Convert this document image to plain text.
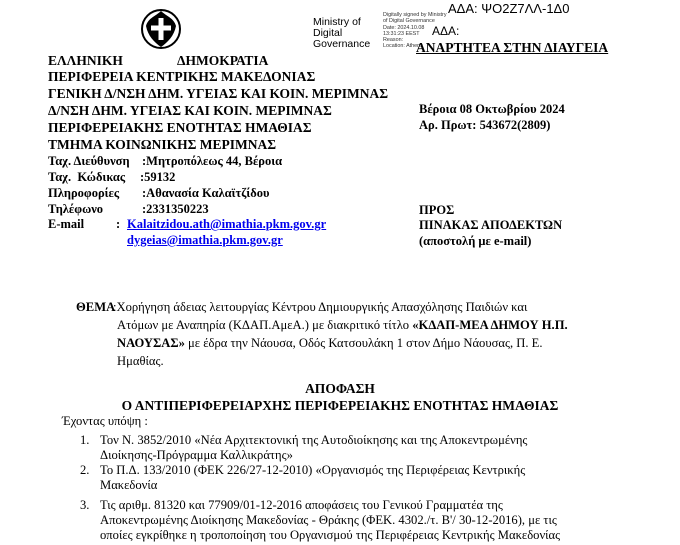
ΑΔΑ: ΨΟ2Ζ7ΛΛ-1Δ0
Ministry of
Digital
Governance
Digitally signed by Ministry
of Digital Governance
Date: 2024.10.08
13:31:23 EEST
Reason:
Location: Athens
ΑΔΑ:
ΑΝΑΡΤΗΤΕΑ ΣΤΗΝ ΔΙΑΥΓΕΙΑ
ΕΛΛΗΝΙΚΗ	ΔΗΜΟΚΡΑΤΙΑ
ΠΕΡΙΦΕΡΕΙΑ ΚΕΝΤΡΙΚΗΣ ΜΑΚΕΔΟΝΙΑΣ
ΓΕΝΙΚΗ Δ/ΝΣΗ ΔΗΜ. ΥΓΕΙΑΣ ΚΑΙ ΚΟΙΝ. ΜΕΡΙΜΝΑΣ
Δ/ΝΣΗ ΔΗΜ. ΥΓΕΙΑΣ ΚΑΙ ΚΟΙΝ. ΜΕΡΙΜΝΑΣ
ΠΕΡΙΦΕΡΕΙΑΚΗΣ ΕΝΟΤΗΤΑΣ ΗΜΑΘΙΑΣ
ΤΜΗΜΑ ΚΟΙΝΩΝΙΚΗΣ ΜΕΡΙΜΝΑΣ
Βέροια 08 Οκτωβρίου 2024
Αρ. Πρωτ: 543672(2809)
Ταχ. Διεύθυνση :Μητροπόλεως 44, Βέροια
Ταχ.  Κώδικας :59132
Πληροφορίες :Αθανασία Καλαϊτζίδου
Τηλέφωνο	:2331350223
E-mail	: Kalaitzidou.ath@imathia.pkm.gov.gr
dygeias@imathia.pkm.gov.gr
ΠΡΟΣ
ΠΙΝΑΚΑΣ ΑΠΟΔΕΚΤΩΝ
(αποστολή με e-mail)
ΘΕΜΑ
:Χορήγηση άδειας λειτουργίας Κέντρου Δημιουργικής Απασχόλησης Παιδιών και
Ατόμων με Αναπηρία (ΚΔΑΠ.ΑμεΑ.) με διακριτικό τίτλο «ΚΔΑΠ-ΜΕΑ ΔΗΜΟΥ Η.Π.
ΝΑΟΥΣΑΣ» με έδρα την Νάουσα, Οδός Κατσουλάκη 1 στον Δήμο Νάουσας, Π. Ε.
Ημαθίας.
ΑΠΟΦΑΣΗ
Ο ΑΝΤΙΠΕΡΙΦΕΡΕΙΑΡΧΗΣ ΠΕΡΙΦΕΡΕΙΑΚΗΣ ΕΝΟΤΗΤΑΣ ΗΜΑΘΙΑΣ
Έχοντας υπόψη :
1. Τον Ν. 3852/2010 «Νέα Αρχιτεκτονική της Αυτοδιοίκησης και της Αποκεντρωμένης
Διοίκησης-Πρόγραμμα Καλλικράτης»
2. Το Π.Δ. 133/2010 (ΦΕΚ 226/27-12-2010) «Οργανισμός της Περιφέρειας Κεντρικής
Μακεδονία
3. Τις αριθμ. 81320 και 77909/01-12-2016 αποφάσεις του Γενικού Γραμματέα της
Αποκεντρωμένης Διοίκησης Μακεδονίας - Θράκης (ΦΕΚ. 4302./τ. Β'/ 30-12-2016), με τις
οποίες εγκρίθηκε η τροποποίηση του Οργανισμού της Περιφέρειας Κεντρικής Μακεδονίας
